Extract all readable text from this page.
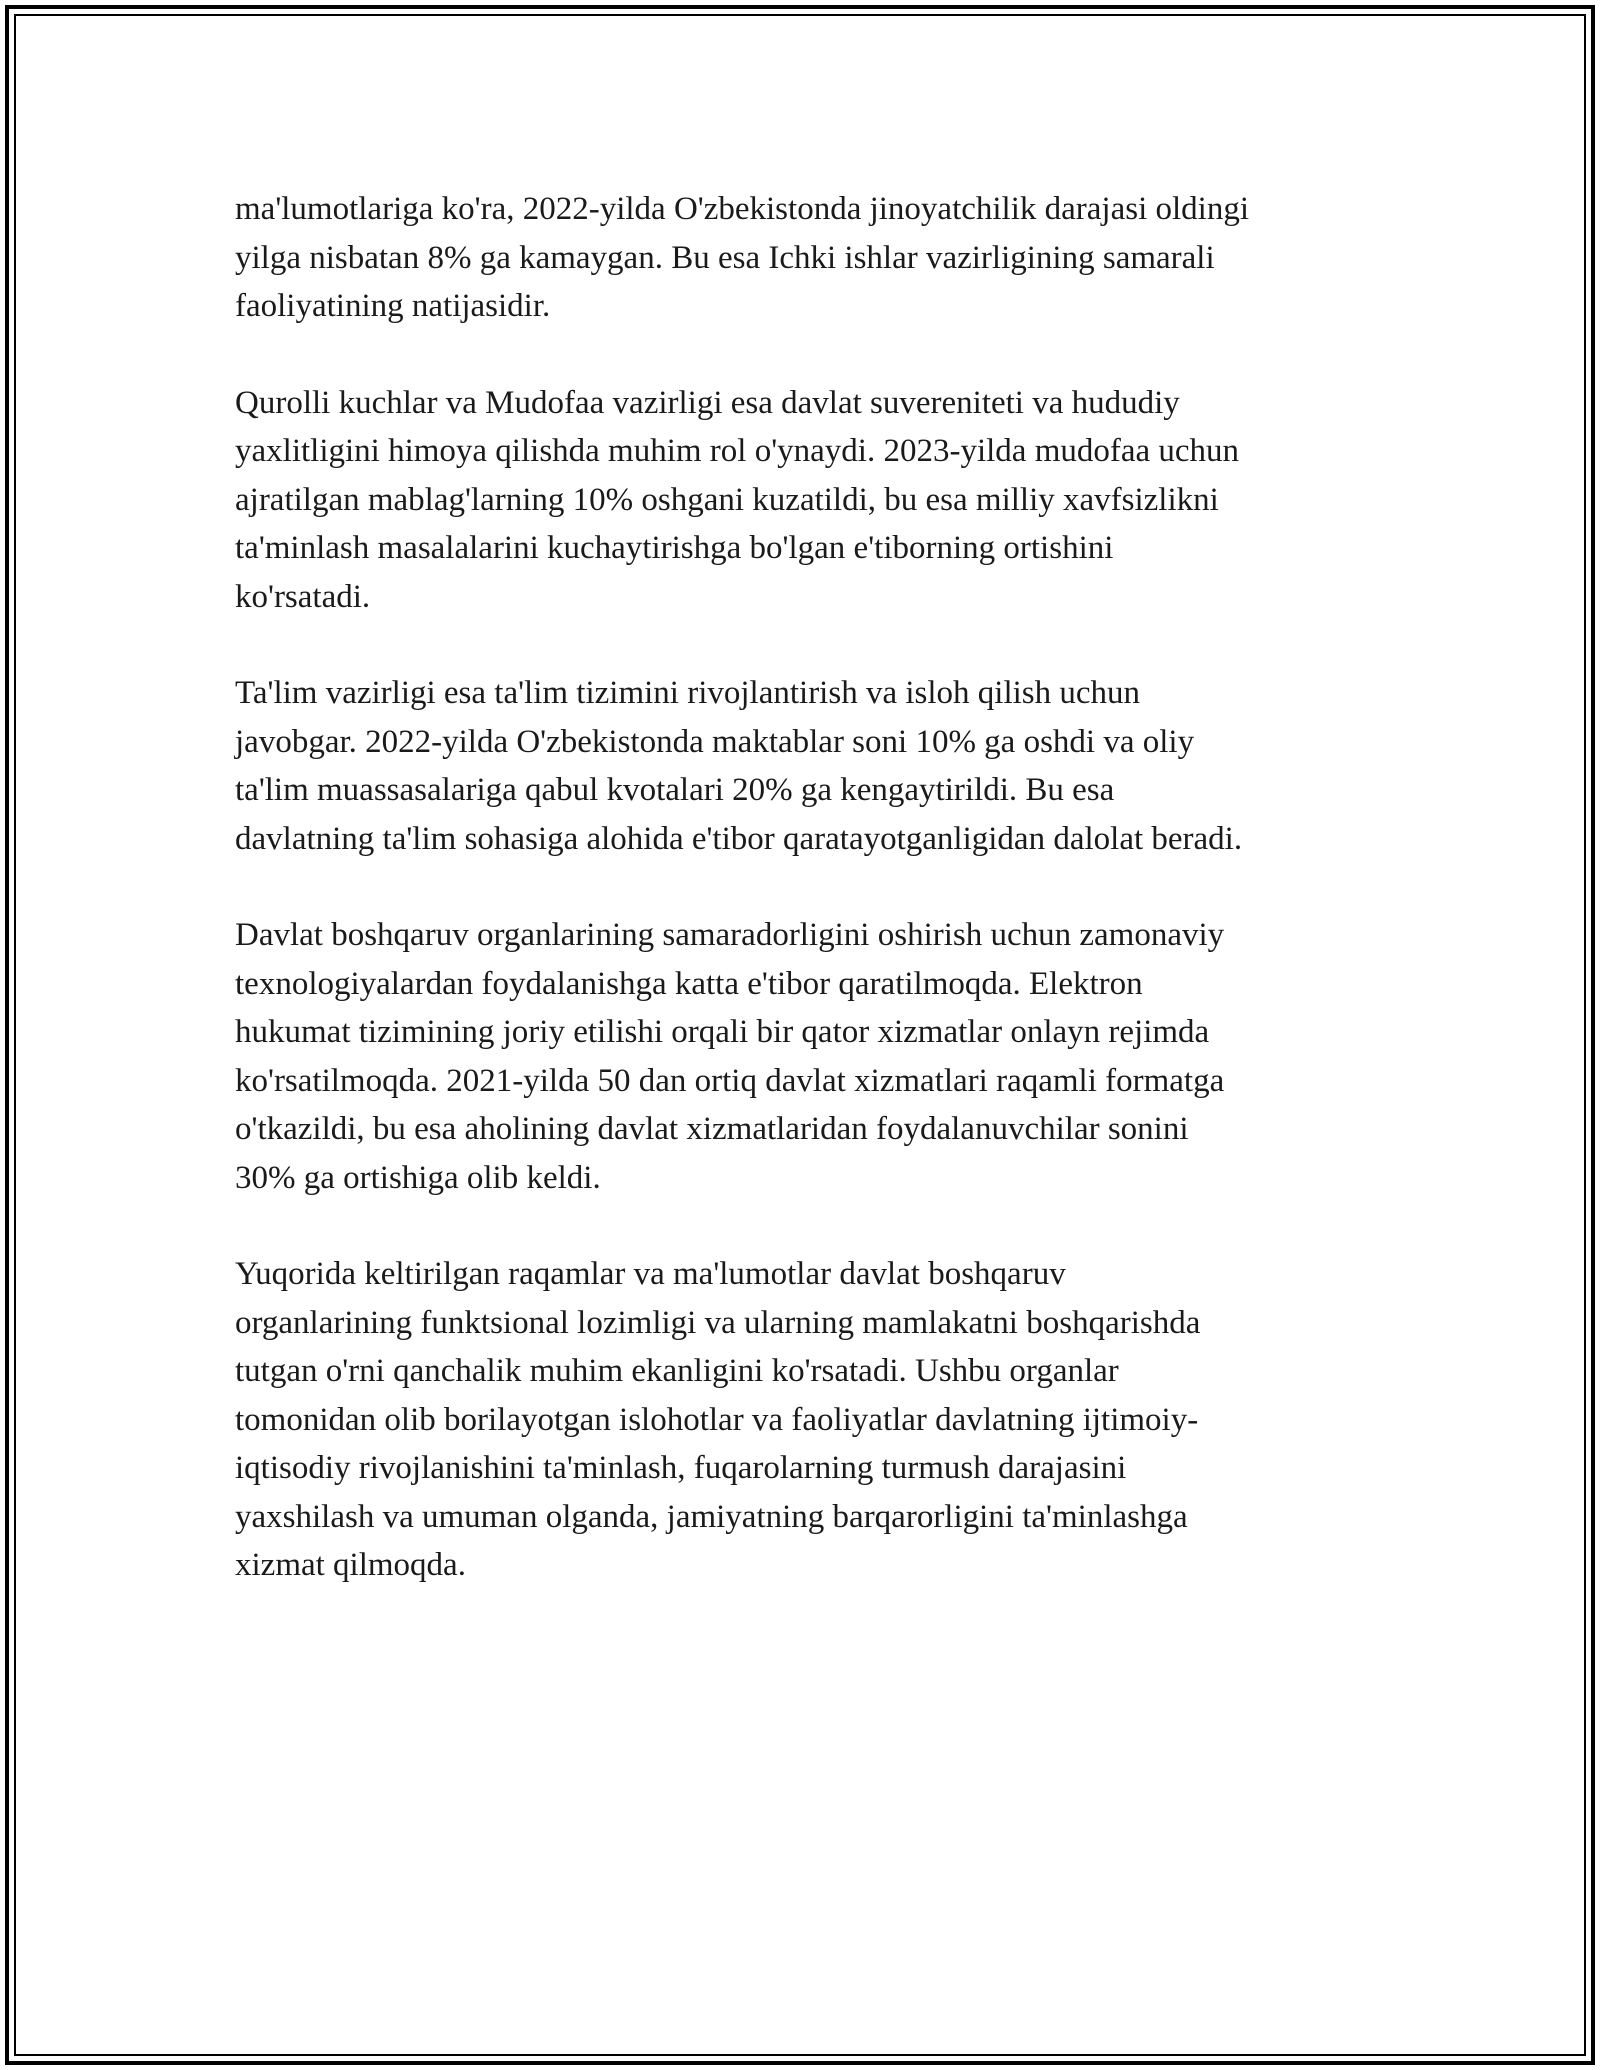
ma'lumotlariga ko'ra, 2022-yilda O'zbekistonda jinoyatchilik darajasi oldingi
yilga nisbatan 8% ga kamaygan. Bu esa Ichki ishlar vazirligining samarali
faoliyatining natijasidir.

Qurolli kuchlar va Mudofaa vazirligi esa davlat suvereniteti va hududiy
yaxlitligini himoya qilishda muhim rol o'ynaydi. 2023-yilda mudofaa uchun
ajratilgan mablag'larning 10% oshgani kuzatildi, bu esa milliy xavfsizlikni
ta'minlash masalalarini kuchaytirishga bo'lgan e'tiborning ortishini
ko'rsatadi.

Ta'lim vazirligi esa ta'lim tizimini rivojlantirish va isloh qilish uchun
javobgar. 2022-yilda O'zbekistonda maktablar soni 10% ga oshdi va oliy
ta'lim muassasalariga qabul kvotalari 20% ga kengaytirildi. Bu esa
davlatning ta'lim sohasiga alohida e'tibor qaratayotganligidan dalolat beradi.

Davlat boshqaruv organlarining samaradorligini oshirish uchun zamonaviy
texnologiyalardan foydalanishga katta e'tibor qaratilmoqda. Elektron
hukumat tizimining joriy etilishi orqali bir qator xizmatlar onlayn rejimda
ko'rsatilmoqda. 2021-yilda 50 dan ortiq davlat xizmatlari raqamli formatga
o'tkazildi, bu esa aholining davlat xizmatlaridan foydalanuvchilar sonini
30% ga ortishiga olib keldi.

Yuqorida keltirilgan raqamlar va ma'lumotlar davlat boshqaruv
organlarining funktsional lozimligi va ularning mamlakatni boshqarishda
tutgan o'rni qanchalik muhim ekanligini ko'rsatadi. Ushbu organlar
tomonidan olib borilayotgan islohotlar va faoliyatlar davlatning ijtimoiy-
iqtisodiy rivojlanishini ta'minlash, fuqarolarning turmush darajasini
yaxshilash va umuman olganda, jamiyatning barqarorligini ta'minlashga
xizmat qilmoqda.
